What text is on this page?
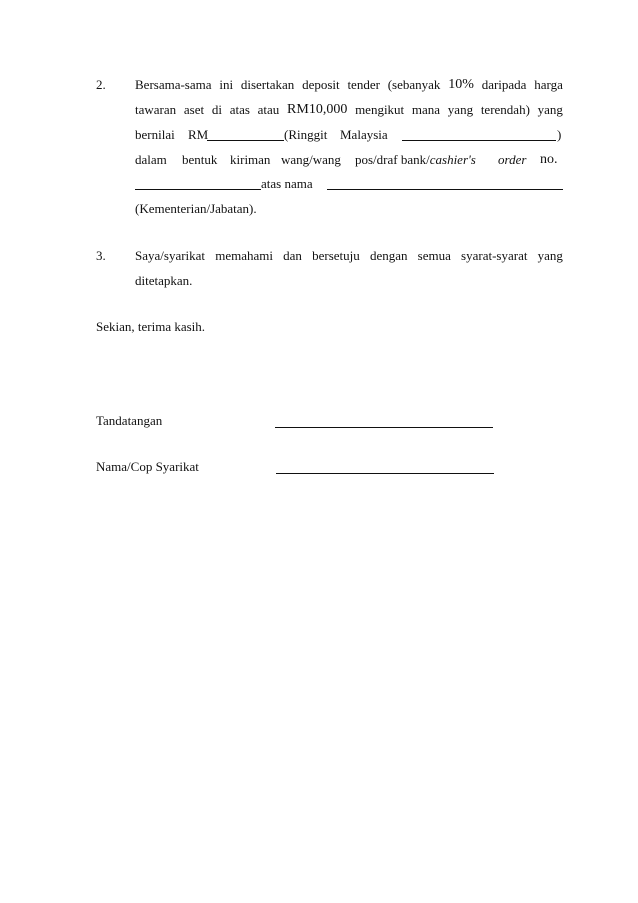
2. Bersama-sama ini disertakan deposit tender (sebanyak 10% daripada harga
tawaran aset di atas atau RM10,000 mengikut mana yang terendah) yang
bernilai RM	(Ringgit Malaysia	)
dalam bentuk kiriman wang/wang pos/draf bank/cashier's order no.
atas nama
(Kementerian/Jabatan).
3. Saya/syarikat memahami dan bersetuju dengan semua syarat-syarat yang
ditetapkan.
Sekian, terima kasih.
Tandatangan
Nama/Cop Syarikat
